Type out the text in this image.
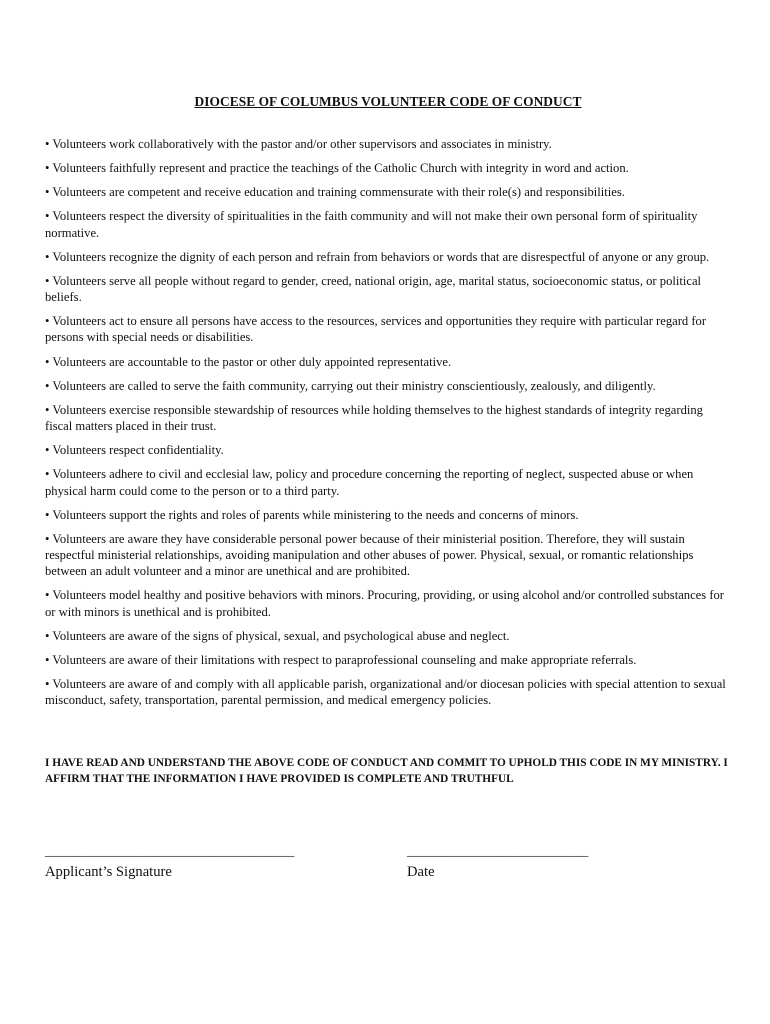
DIOCESE OF COLUMBUS VOLUNTEER CODE OF CONDUCT

• Volunteers work collaboratively with the pastor and/or other supervisors and associates in ministry.

• Volunteers faithfully represent and practice the teachings of the Catholic Church with integrity in word and action.

• Volunteers are competent and receive education and training commensurate with their role(s) and responsibilities.

• Volunteers respect the diversity of spiritualities in the faith community and will not make their own personal form of spirituality normative.

• Volunteers recognize the dignity of each person and refrain from behaviors or words that are disrespectful of anyone or any group.

• Volunteers serve all people without regard to gender, creed, national origin, age, marital status, socioeconomic status, or political beliefs.

• Volunteers act to ensure all persons have access to the resources, services and opportunities they require with particular regard for persons with special needs or disabilities.

• Volunteers are accountable to the pastor or other duly appointed representative.

• Volunteers are called to serve the faith community, carrying out their ministry conscientiously, zealously, and diligently.

• Volunteers exercise responsible stewardship of resources while holding themselves to the highest standards of integrity regarding fiscal matters placed in their trust.

• Volunteers respect confidentiality.

• Volunteers adhere to civil and ecclesial law, policy and procedure concerning the reporting of neglect, suspected abuse or when physical harm could come to the person or to a third party.

• Volunteers support the rights and roles of parents while ministering to the needs and concerns of minors.

• Volunteers are aware they have considerable personal power because of their ministerial position. Therefore, they will sustain respectful ministerial relationships, avoiding manipulation and other abuses of power. Physical, sexual, or romantic relationships between an adult volunteer and a minor are unethical and are prohibited.

• Volunteers model healthy and positive behaviors with minors. Procuring, providing, or using alcohol and/or controlled substances for or with minors is unethical and is prohibited.

• Volunteers are aware of the signs of physical, sexual, and psychological abuse and neglect.

• Volunteers are aware of their limitations with respect to paraprofessional counseling and make appropriate referrals.

• Volunteers are aware of and comply with all applicable parish, organizational and/or diocesan policies with special attention to sexual misconduct, safety, transportation, parental permission, and medical emergency policies.

I HAVE READ AND UNDERSTAND THE ABOVE CODE OF CONDUCT AND COMMIT TO UPHOLD THIS CODE IN MY MINISTRY. I AFFIRM THAT THE INFORMATION I HAVE PROVIDED IS COMPLETE AND TRUTHFUL
____________________________________________	________________________________
Applicant’s Signature	Date
